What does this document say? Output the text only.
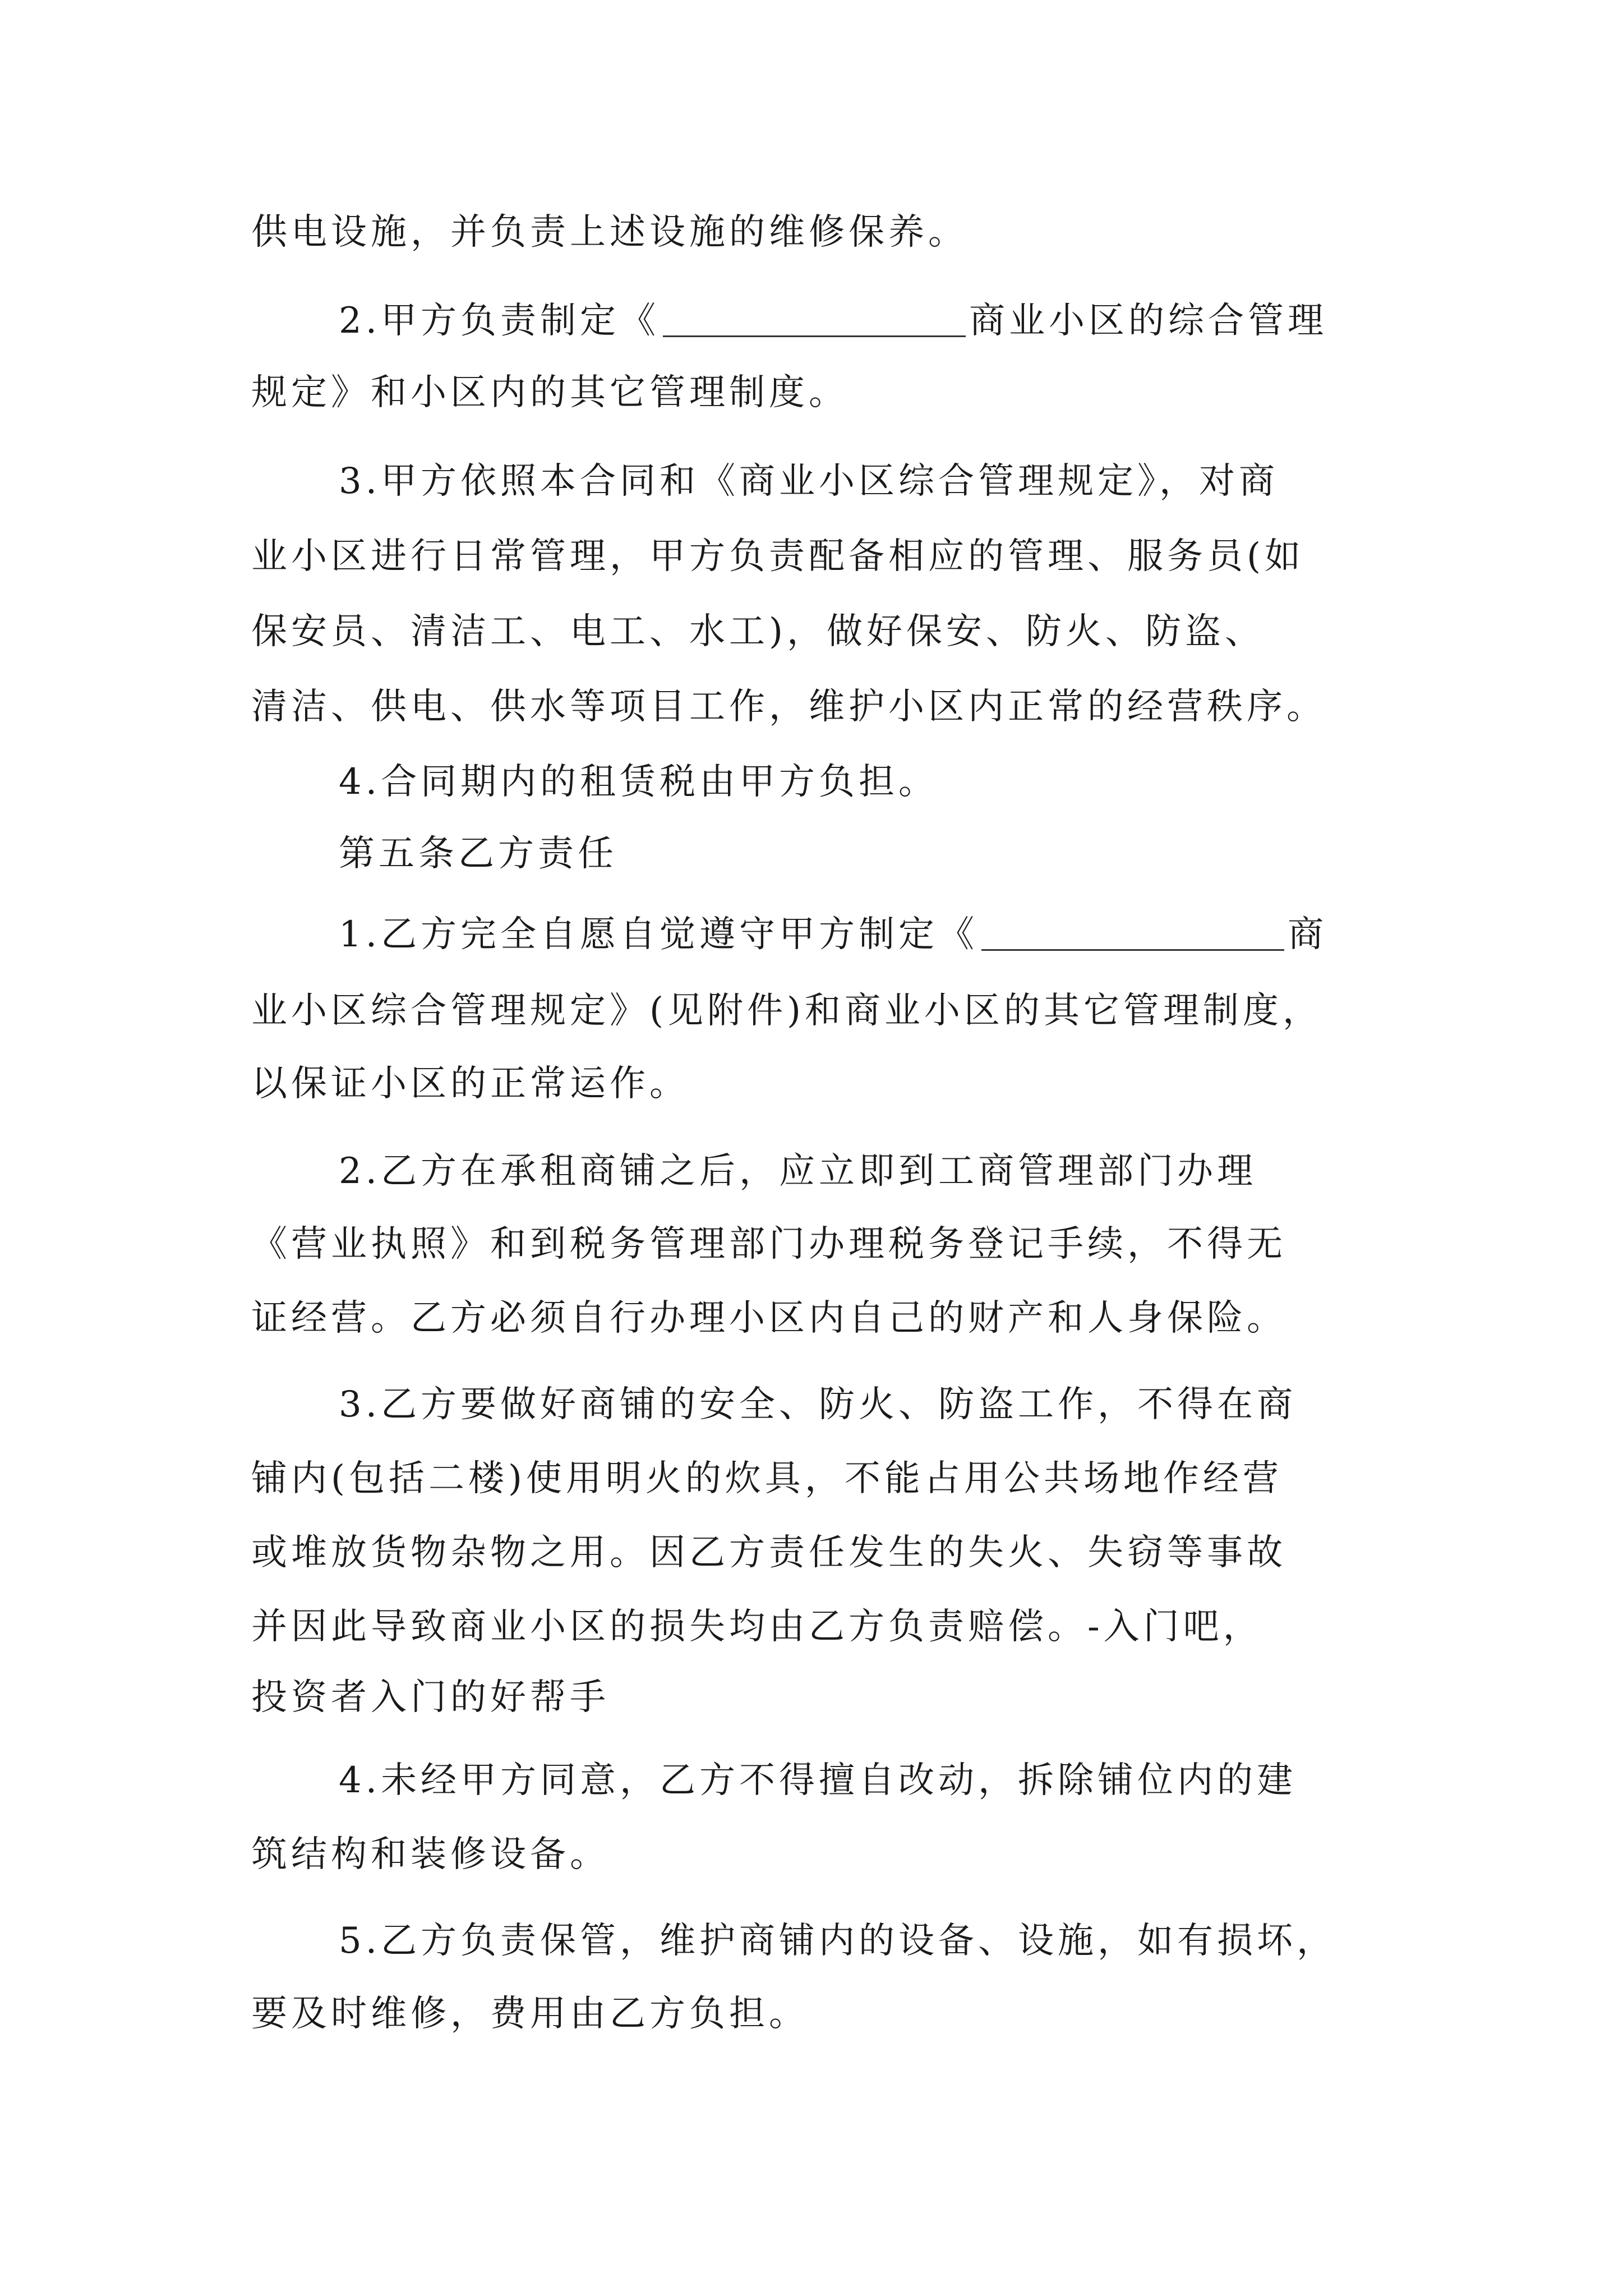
供电设施，并负责上述设施的维修保养。
2.甲方负责制定《	商业小区的综合管理
规定》和小区内的其它管理制度。
3.甲方依照本合同和《商业小区综合管理规定》，对商
业小区进行日常管理，甲方负责配备相应的管理、服务员(如
保安员、清洁工、电工、水工)，做好保安、防火、防盗、
清洁、供电、供水等项目工作，维护小区内正常的经营秩序。
4.合同期内的租赁税由甲方负担。
第五条乙方责任
1.乙方完全自愿自觉遵守甲方制定《	商
业小区综合管理规定》(见附件)和商业小区的其它管理制度，
以保证小区的正常运作。
2.乙方在承租商铺之后，应立即到工商管理部门办理
《营业执照》和到税务管理部门办理税务登记手续，不得无
证经营。乙方必须自行办理小区内自己的财产和人身保险。
3.乙方要做好商铺的安全、防火、防盗工作，不得在商
铺内(包括二楼)使用明火的炊具，不能占用公共场地作经营
或堆放货物杂物之用。因乙方责任发生的失火、失窃等事故
并因此导致商业小区的损失均由乙方负责赔偿。-入门吧，
投资者入门的好帮手
4.未经甲方同意，乙方不得擅自改动，拆除铺位内的建
筑结构和装修设备。
5.乙方负责保管，维护商铺内的设备、设施，如有损坏，
要及时维修，费用由乙方负担。
